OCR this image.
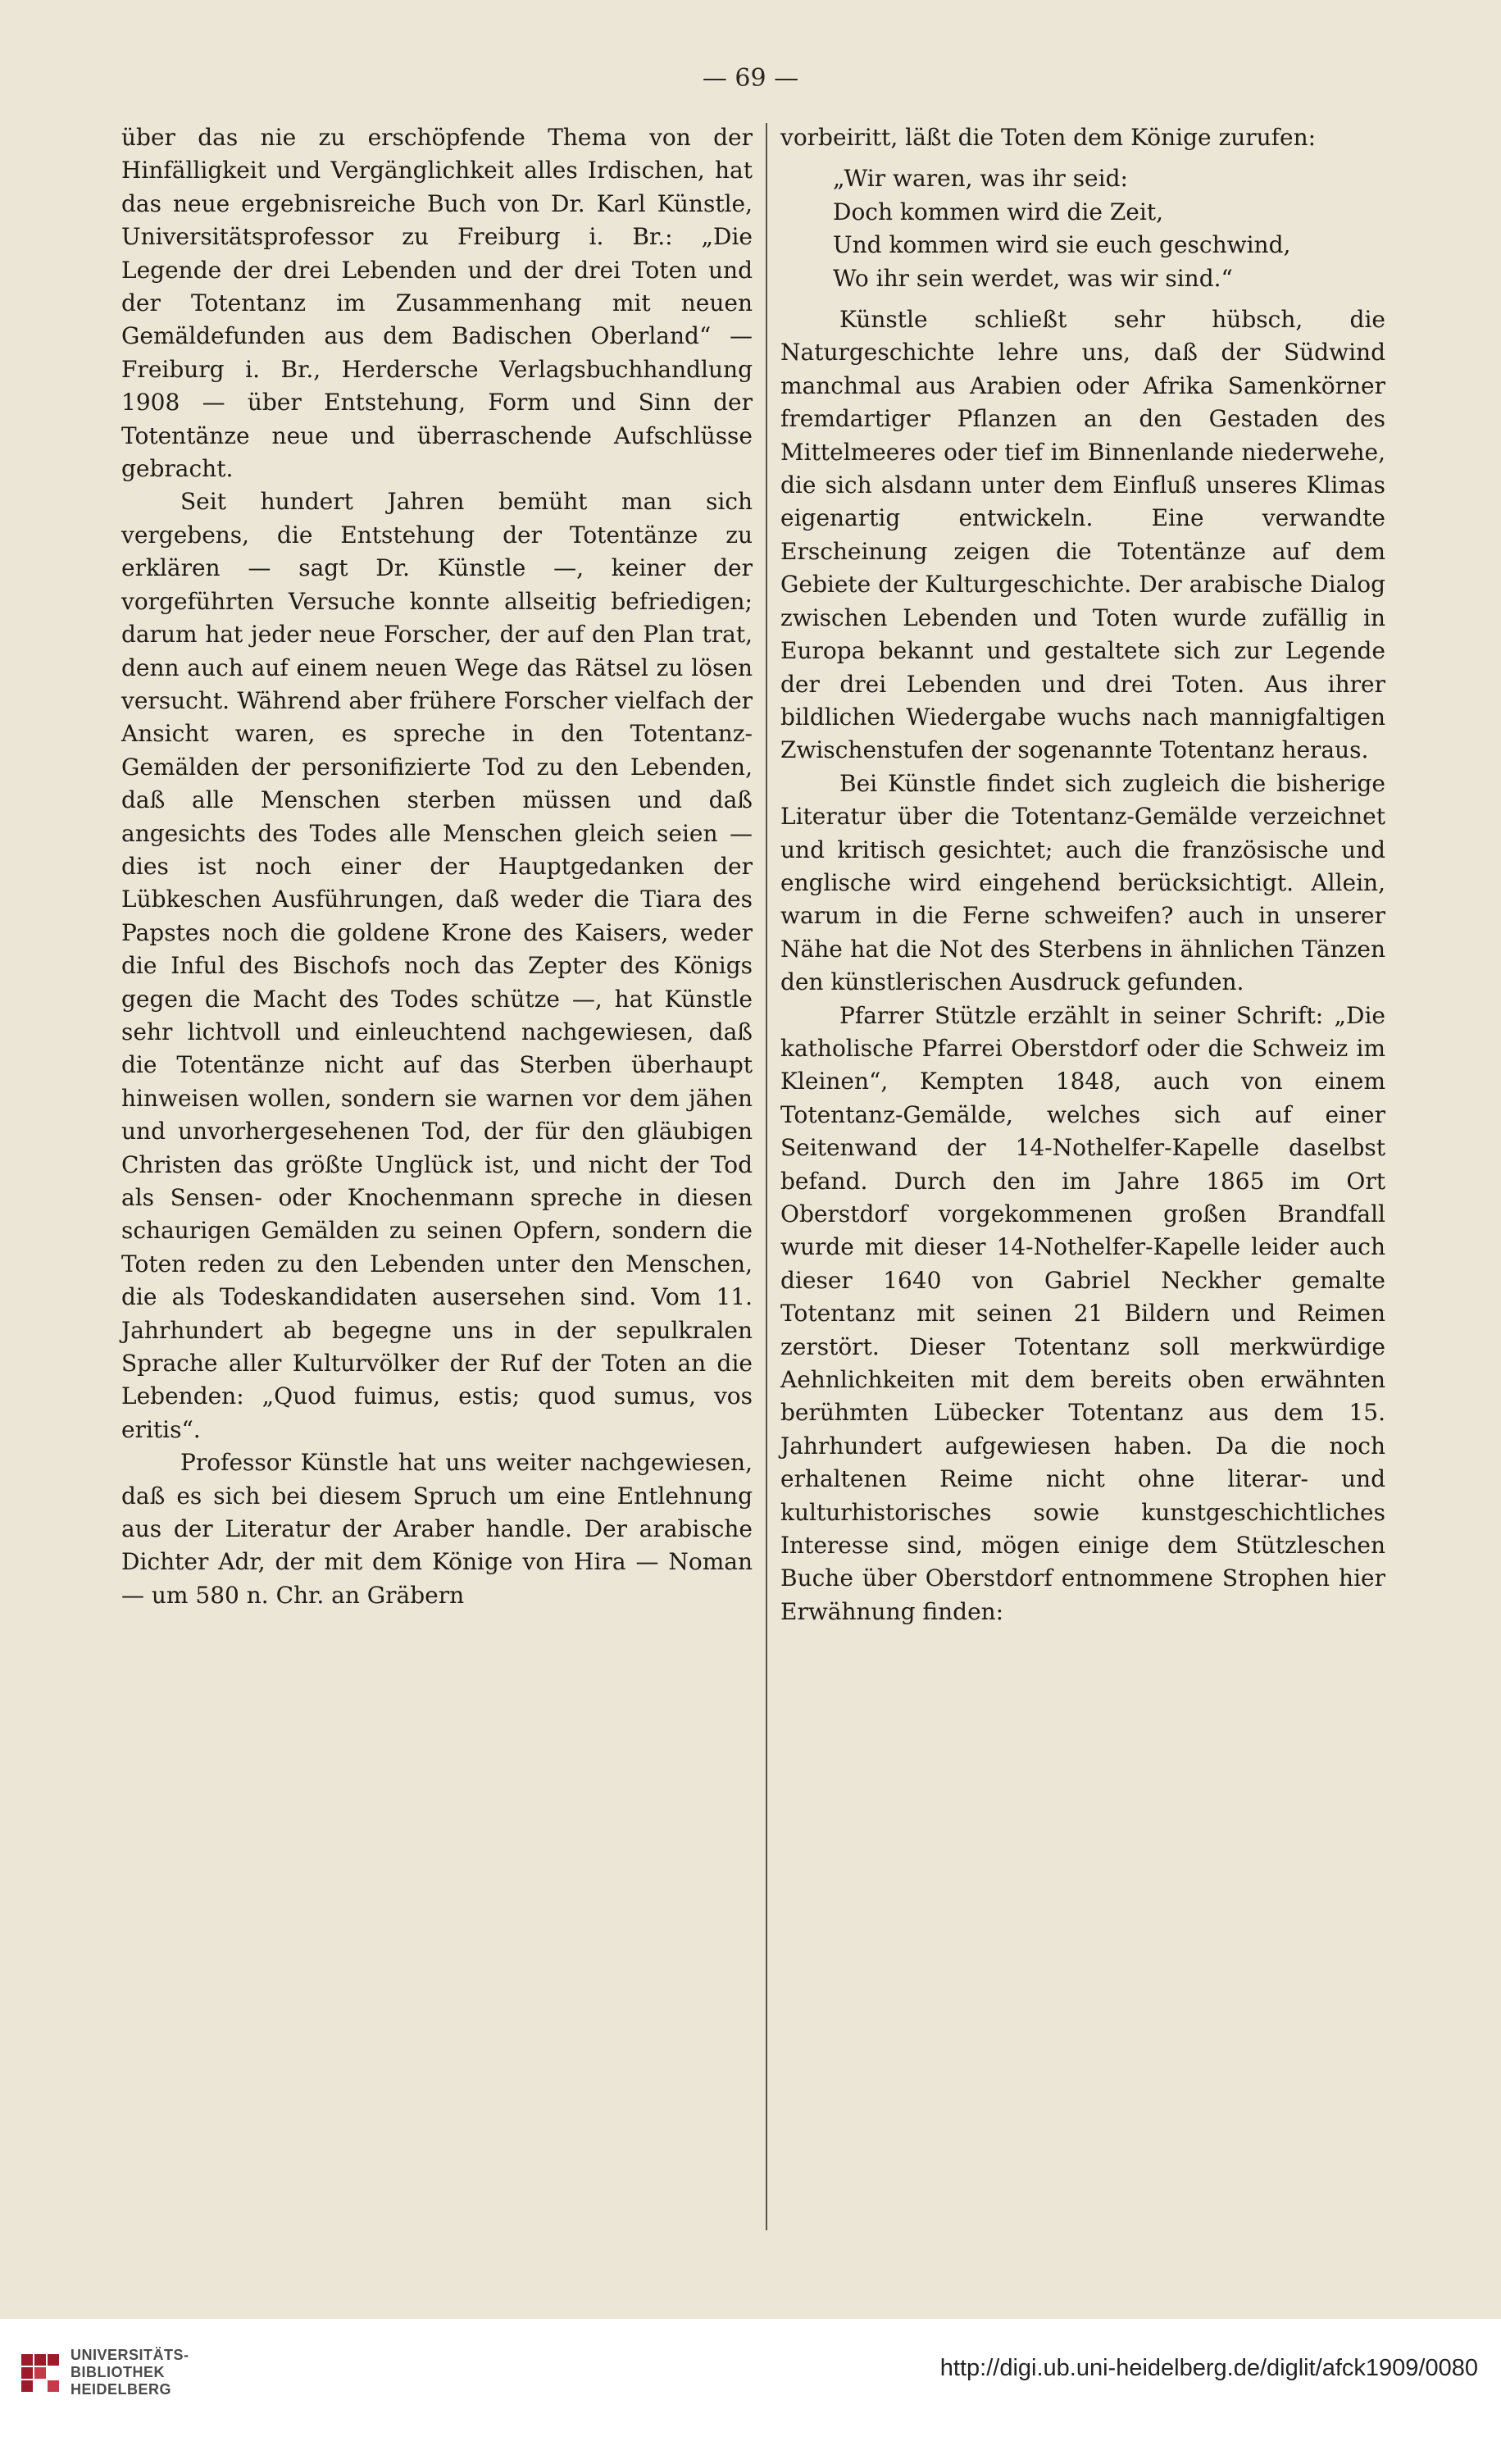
— 69 —

über das nie zu erschöpfende Thema von der Hinfälligkeit und Vergänglichkeit alles Irdischen, hat das neue ergebnisreiche Buch von Dr. Karl Künstle, Universitätsprofessor zu Freiburg i. Br.: „Die Legende der drei Lebenden und der drei Toten und der Totentanz im Zusammenhang mit neuen Gemäldefunden aus dem Badischen Oberland“ — Freiburg i. Br., Herdersche Verlagsbuchhandlung 1908 — über Entstehung, Form und Sinn der Totentänze neue und überraschende Aufschlüsse gebracht.

Seit hundert Jahren bemüht man sich vergebens, die Entstehung der Totentänze zu erklären — sagt Dr. Künstle —, keiner der vorgeführten Versuche konnte allseitig befriedigen; darum hat jeder neue Forscher, der auf den Plan trat, denn auch auf einem neuen Wege das Rätsel zu lösen versucht. Während aber frühere Forscher vielfach der Ansicht waren, es spreche in den Totentanz-Gemälden der personifizierte Tod zu den Lebenden, daß alle Menschen sterben müssen und daß angesichts des Todes alle Menschen gleich seien — dies ist noch einer der Hauptgedanken der Lübkeschen Ausführungen, daß weder die Tiara des Papstes noch die goldene Krone des Kaisers, weder die Inful des Bischofs noch das Zepter des Königs gegen die Macht des Todes schütze —, hat Künstle sehr lichtvoll und einleuchtend nachgewiesen, daß die Totentänze nicht auf das Sterben überhaupt hinweisen wollen, sondern sie warnen vor dem jähen und unvorhergesehenen Tod, der für den gläubigen Christen das größte Unglück ist, und nicht der Tod als Sensen- oder Knochenmann spreche in diesen schaurigen Gemälden zu seinen Opfern, sondern die Toten reden zu den Lebenden unter den Menschen, die als Todeskandidaten ausersehen sind. Vom 11. Jahrhundert ab begegne uns in der sepulkralen Sprache aller Kulturvölker der Ruf der Toten an die Lebenden: „Quod fuimus, estis; quod sumus, vos eritis“.

Professor Künstle hat uns weiter nachgewiesen, daß es sich bei diesem Spruch um eine Entlehnung aus der Literatur der Araber handle. Der arabische Dichter Adr, der mit dem Könige von Hira — Noman — um 580 n. Chr. an Gräbern

vorbeiritt, läßt die Toten dem Könige zurufen:

„Wir waren, was ihr seid:
Doch kommen wird die Zeit,
Und kommen wird sie euch geschwind,
Wo ihr sein werdet, was wir sind.“

Künstle schließt sehr hübsch, die Naturgeschichte lehre uns, daß der Südwind manchmal aus Arabien oder Afrika Samenkörner fremdartiger Pflanzen an den Gestaden des Mittelmeeres oder tief im Binnenlande niederwehe, die sich alsdann unter dem Einfluß unseres Klimas eigenartig entwickeln. Eine verwandte Erscheinung zeigen die Totentänze auf dem Gebiete der Kulturgeschichte. Der arabische Dialog zwischen Lebenden und Toten wurde zufällig in Europa bekannt und gestaltete sich zur Legende der drei Lebenden und drei Toten. Aus ihrer bildlichen Wiedergabe wuchs nach mannigfaltigen Zwischenstufen der sogenannte Totentanz heraus.

Bei Künstle findet sich zugleich die bisherige Literatur über die Totentanz-Gemälde verzeichnet und kritisch gesichtet; auch die französische und englische wird eingehend berücksichtigt. Allein, warum in die Ferne schweifen? auch in unserer Nähe hat die Not des Sterbens in ähnlichen Tänzen den künstlerischen Ausdruck gefunden.

Pfarrer Stützle erzählt in seiner Schrift: „Die katholische Pfarrei Oberstdorf oder die Schweiz im Kleinen“, Kempten 1848, auch von einem Totentanz-Gemälde, welches sich auf einer Seitenwand der 14-Nothelfer-Kapelle daselbst befand. Durch den im Jahre 1865 im Ort Oberstdorf vorgekommenen großen Brandfall wurde mit dieser 14-Nothelfer-Kapelle leider auch dieser 1640 von Gabriel Neckher gemalte Totentanz mit seinen 21 Bildern und Reimen zerstört. Dieser Totentanz soll merkwürdige Aehnlichkeiten mit dem bereits oben erwähnten berühmten Lübecker Totentanz aus dem 15. Jahrhundert aufgewiesen haben. Da die noch erhaltenen Reime nicht ohne literar- und kulturhistorisches sowie kunstgeschichtliches Interesse sind, mögen einige dem Stützleschen Buche über Oberstdorf entnommene Strophen hier Erwähnung finden:

UNIVERSITÄTS-
BIBLIOTHEK
HEIDELBERG
http://digi.ub.uni-heidelberg.de/diglit/afck1909/0080
